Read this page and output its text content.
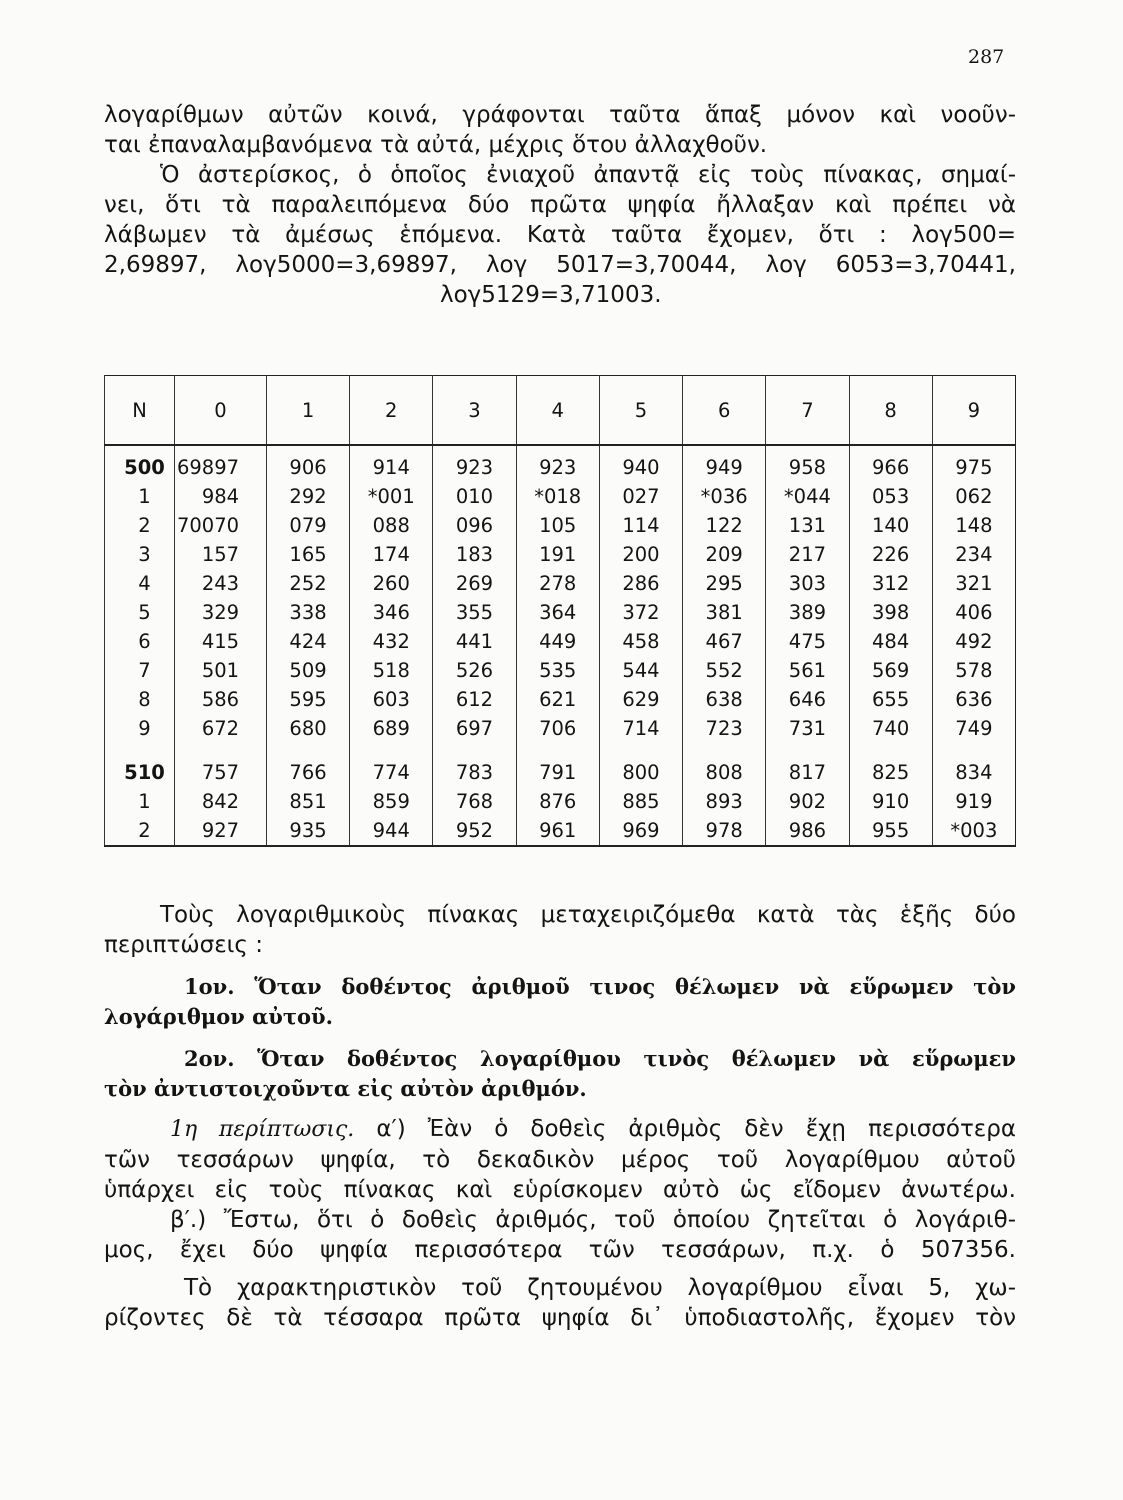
287
λογαρίθμων αὐτῶν κοινά, γράφονται ταῦτα ἅπαξ μόνον καὶ νοοῦν-
ται ἐπαναλαμβανόμενα τὰ αὐτά, μέχρις ὅτου ἀλλαχθοῦν.
Ὁ ἀστερίσκος, ὁ ὁποῖος ἐνιαχοῦ ἀπαντᾷ εἰς τοὺς πίνακας, σημαί-
νει, ὅτι τὰ παραλειπόμενα δύο πρῶτα ψηφία ἤλλαξαν καὶ πρέπει νὰ
λάβωμεν τὰ ἀμέσως ἑπόμενα. Κατὰ ταῦτα ἔχομεν, ὅτι : λογ500=
2,69897, λογ5000=3,69897, λογ 5017=3,70044, λογ 6053=3,70441,
λογ5129=3,71003.
N	0	1	2	3	4	5	6	7	8	9
500	69897	906	914	923	923	940	949	958	966	975
1	984	292	*001	010	*018	027	*036	*044	053	062
2	70070	079	088	096	105	114	122	131	140	148
3	157	165	174	183	191	200	209	217	226	234
4	243	252	260	269	278	286	295	303	312	321
5	329	338	346	355	364	372	381	389	398	406
6	415	424	432	441	449	458	467	475	484	492
7	501	509	518	526	535	544	552	561	569	578
8	586	595	603	612	621	629	638	646	655	636
9	672	680	689	697	706	714	723	731	740	749
510	757	766	774	783	791	800	808	817	825	834
1	842	851	859	768	876	885	893	902	910	919
2	927	935	944	952	961	969	978	986	955	*003
Τοὺς λογαριθμικοὺς πίνακας μεταχειριζόμεθα κατὰ τὰς ἑξῆς δύο
περιπτώσεις :
1ον. Ὅταν δοθέντος ἀριθμοῦ τινος θέλωμεν νὰ εὕρωμεν τὸν
λογάριθμον αὐτοῦ.
2ον. Ὅταν δοθέντος λογαρίθμου τινὸς θέλωμεν νὰ εὕρωμεν
τὸν ἀντιστοιχοῦντα εἰς αὐτὸν ἀριθμόν.
1η περίπτωσις. α′) Ἐὰν ὁ δοθεὶς ἀριθμὸς δὲν ἔχῃ περισσότερα
τῶν τεσσάρων ψηφία, τὸ δεκαδικὸν μέρος τοῦ λογαρίθμου αὐτοῦ
ὑπάρχει εἰς τοὺς πίνακας καὶ εὑρίσκομεν αὐτὸ ὡς εἴδομεν ἀνωτέρω.
β′.) Ἔστω, ὅτι ὁ δοθεὶς ἀριθμός, τοῦ ὁποίου ζητεῖται ὁ λογάριθ-
μος, ἔχει δύο ψηφία περισσότερα τῶν τεσσάρων, π.χ. ὁ 507356.
Τὸ χαρακτηριστικὸν τοῦ ζητουμένου λογαρίθμου εἶναι 5, χω-
ρίζοντες δὲ τὰ τέσσαρα πρῶτα ψηφία δι᾽ ὑποδιαστολῆς, ἔχομεν τὸν
